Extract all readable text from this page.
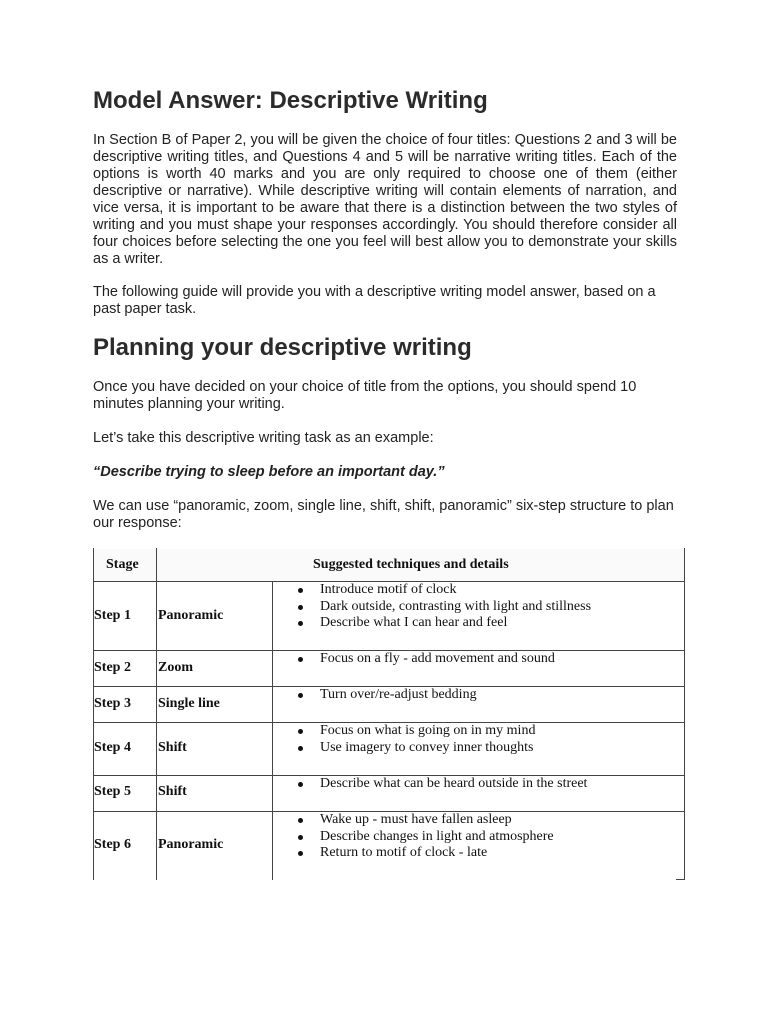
Model Answer: Descriptive Writing

In Section B of Paper 2, you will be given the choice of four titles: Questions 2 and 3 will be descriptive writing titles, and Questions 4 and 5 will be narrative writing titles. Each of the options is worth 40 marks and you are only required to choose one of them (either descriptive or narrative). While descriptive writing will contain elements of narration, and vice versa, it is important to be aware that there is a distinction between the two styles of writing and you must shape your responses accordingly. You should therefore consider all four choices before selecting the one you feel will best allow you to demonstrate your skills as a writer.

The following guide will provide you with a descriptive writing model answer, based on a past paper task.

Planning your descriptive writing

Once you have decided on your choice of title from the options, you should spend 10 minutes planning your writing.

Let’s take this descriptive writing task as an example:

“Describe trying to sleep before an important day.”

We can use “panoramic, zoom, single line, shift, shift, panoramic” six-step structure to plan our response:

Stage	Suggested techniques and details
Step 1 Panoramic
Introduce motif of clock
Dark outside, contrasting with light and stillness
Describe what I can hear and feel
Step 2 Zoom
Focus on a fly - add movement and sound
Step 3 Single line
Turn over/re-adjust bedding
Step 4 Shift
Focus on what is going on in my mind
Use imagery to convey inner thoughts
Step 5 Shift
Describe what can be heard outside in the street
Step 6 Panoramic
Wake up - must have fallen asleep
Describe changes in light and atmosphere
Return to motif of clock - late
